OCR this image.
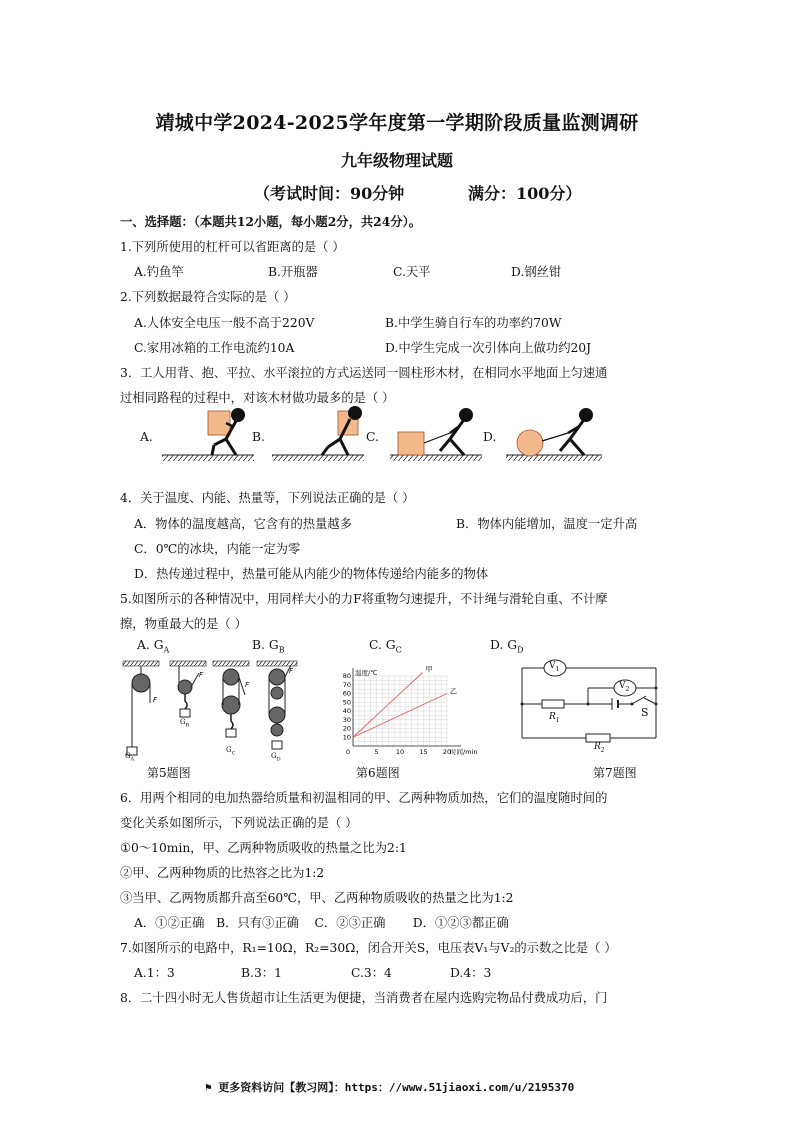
靖城中学2024-2025学年度第一学期阶段质量监测调研
九年级物理试题
（考试时间：90分钟	满分：100分）
一、选择题：（本题共12小题，每小题2分，共24分）。
1.下列所使用的杠杆可以省距离的是（ ）
A.钓鱼竿	B.开瓶器	C.天平	D.钢丝钳
2.下列数据最符合实际的是（ ）
A.人体安全电压一般不高于220V	B.中学生骑自行车的功率约70W
C.家用冰箱的工作电流约10A	D.中学生完成一次引体向上做功约20J
3．工人用背、抱、平拉、水平滚拉的方式运送同一圆柱形木材，在相同水平地面上匀速通
过相同路程的过程中，对该木材做功最多的是（ ）
A.	B.	C.	D.
4．关于温度、内能、热量等，下列说法正确的是（ ）
A．物体的温度越高，它含有的热量越多	B．物体内能增加，温度一定升高
C．0℃的冰块，内能一定为零
D．热传递过程中，热量可能从内能少的物体传递给内能多的物体
5.如图所示的各种情况中，用同样大小的力F将重物匀速提升，不计绳与滑轮自重、不计摩
擦，物重最大的是（ ）
A. $G_A$	B. $G_B$	C. $G_C$	D. $G_D$
F
F
F
F
$G_A$
$G_B$
$G_C$	$G_D$
第5题图
甲
乙
5	10 15 20
10
20
30
40
50
60
70
80
0
温度/℃
时间/min
第6题图
$V_1$
$V_2$
$R_1$
$R_2$
S
第7题图
6．用两个相同的电加热器给质量和初温相同的甲、乙两种物质加热，它们的温度随时间的
变化关系如图所示，下列说法正确的是（ ）
①0～10min，甲、乙两种物质吸收的热量之比为2:1
②甲、乙两种物质的比热容之比为1:2
③当甲、乙两物质都升高至60℃，甲、乙两种物质吸收的热量之比为1:2
A．①②正确   B．只有③正确    C．②③正确       D．①②③都正确
7.如图所示的电路中，R₁=10Ω，R₂=30Ω，闭合开关S，电压表V₁与V₂的示数之比是（ ）
A.1：3	B.3：1	C.3：4	D.4：3
8．二十四小时无人售货超市让生活更为便捷，当消费者在屋内选购完物品付费成功后，门
⚑ 更多资料访问【教习网】：https：//www.51jiaoxi.com/u/2195370
